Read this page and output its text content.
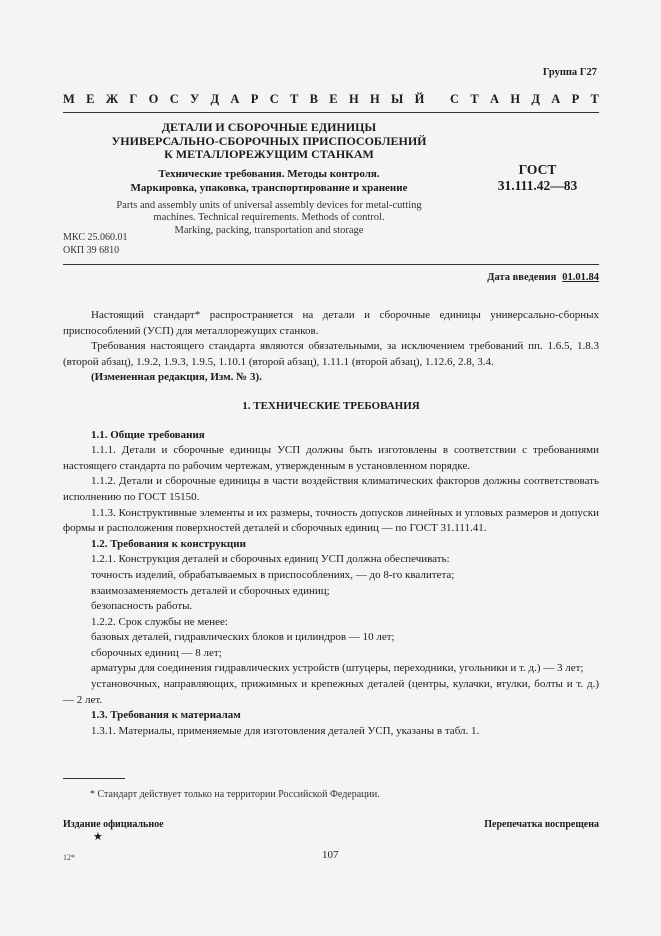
Группа Г27
М Е Ж Г О С У Д А Р С Т В Е Н Н Ы Й
С Т А Н Д А Р Т
ДЕТАЛИ И СБОРОЧНЫЕ ЕДИНИЦЫ
УНИВЕРСАЛЬНО-СБОРОЧНЫХ ПРИСПОСОБЛЕНИЙ
К МЕТАЛЛОРЕЖУЩИМ СТАНКАМ
Технические требования. Методы контроля.
Маркировка, упаковка, транспортирование и хранение
Parts and assembly units of universal assembly devices for metal-cutting
machines. Technical requirements. Methods of control.
Marking, packing, transportation and storage
ГОСТ
31.111.42—83
МКС 25.060.01
ОКП 39 6810
Дата введения 01.01.84

Настоящий стандарт* распространяется на детали и сборочные единицы универсально-сборных приспособлений (УСП) для металлорежущих станков.

Требования настоящего стандарта являются обязательными, за исключением требований пп. 1.6.5, 1.8.3 (второй абзац), 1.9.2, 1.9.3, 1.9.5, 1.10.1 (второй абзац), 1.11.1 (второй абзац), 1.12.6, 2.8, 3.4.

(Измененная редакция, Изм. № 3).

1. ТЕХНИЧЕСКИЕ ТРЕБОВАНИЯ

1.1. Общие требования

1.1.1. Детали и сборочные единицы УСП должны быть изготовлены в соответствии с требованиями настоящего стандарта по рабочим чертежам, утвержденным в установленном порядке.

1.1.2. Детали и сборочные единицы в части воздействия климатических факторов должны соответствовать исполнению по ГОСТ 15150.

1.1.3. Конструктивные элементы и их размеры, точность допусков линейных и угловых размеров и допуски формы и расположения поверхностей деталей и сборочных единиц — по ГОСТ 31.111.41.

1.2. Требования к конструкции

1.2.1. Конструкция деталей и сборочных единиц УСП должна обеспечивать:

точность изделий, обрабатываемых в приспособлениях, — до 8-го квалитета;

взаимозаменяемость деталей и сборочных единиц;

безопасность работы.

1.2.2. Срок службы не менее:

базовых деталей, гидравлических блоков и цилиндров — 10 лет;

сборочных единиц — 8 лет;

арматуры для соединения гидравлических устройств (штуцеры, переходники, угольники и т. д.) — 3 лет;

установочных, направляющих, прижимных и крепежных деталей (центры, кулачки, втулки, болты и т. д.) — 2 лет.

1.3. Требования к материалам

1.3.1. Материалы, применяемые для изготовления деталей УСП, указаны в табл. 1.

* Стандарт действует только на территории Российской Федерации.
Издание официальное
★
Перепечатка воспрещена
12*	107
